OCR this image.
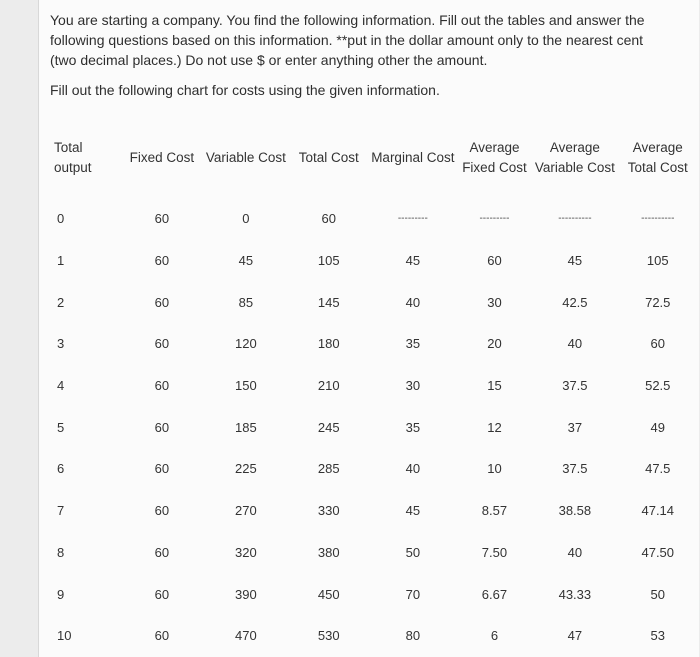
You are starting a company. You find the following information. Fill out the tables and answer the following questions based on this information. **put in the dollar amount only to the nearest cent (two decimal places.) Do not use $ or enter anything other the amount.

Fill out the following chart for costs using the given information.

Total output	Fixed Cost	Variable Cost	Total Cost	Marginal Cost	Average Fixed Cost	Average Variable Cost	Average Total Cost
0	60	0	60	---------	---------	----------	----------
1	60	45	105	45	60	45	105
2	60	85	145	40	30	42.5	72.5
3	60	120	180	35	20	40	60
4	60	150	210	30	15	37.5	52.5
5	60	185	245	35	12	37	49
6	60	225	285	40	10	37.5	47.5
7	60	270	330	45	8.57	38.58	47.14
8	60	320	380	50	7.50	40	47.50
9	60	390	450	70	6.67	43.33	50
10	60	470	530	80	6	47	53
